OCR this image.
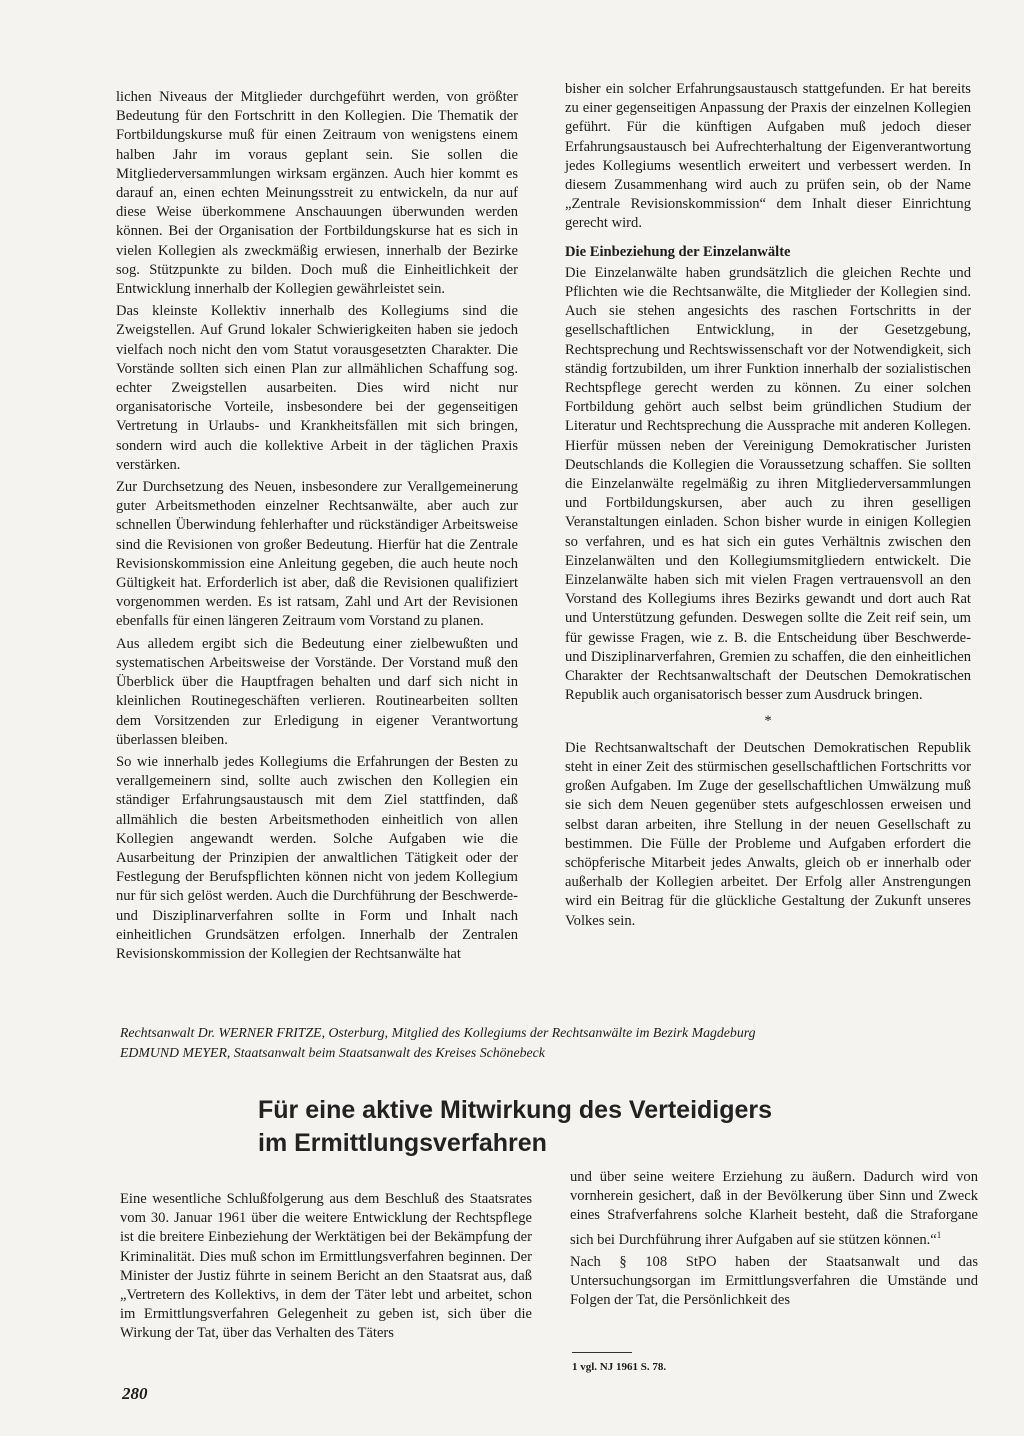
lichen Niveaus der Mitglieder durchgeführt werden, von größter Bedeutung für den Fortschritt in den Kollegien. Die Thematik der Fortbildungskurse muß für einen Zeitraum von wenigstens einem halben Jahr im voraus geplant sein. Sie sollen die Mitgliederversammlungen wirksam ergänzen. Auch hier kommt es darauf an, einen echten Meinungsstreit zu entwickeln, da nur auf diese Weise überkommene Anschauungen überwunden werden können. Bei der Organisation der Fortbildungskurse hat es sich in vielen Kollegien als zweckmäßig erwiesen, innerhalb der Bezirke sog. Stützpunkte zu bilden. Doch muß die Einheitlichkeit der Entwicklung innerhalb der Kollegien gewährleistet sein.

Das kleinste Kollektiv innerhalb des Kollegiums sind die Zweigstellen. Auf Grund lokaler Schwierigkeiten haben sie jedoch vielfach noch nicht den vom Statut vorausgesetzten Charakter. Die Vorstände sollten sich einen Plan zur allmählichen Schaffung sog. echter Zweigstellen ausarbeiten. Dies wird nicht nur organisatorische Vorteile, insbesondere bei der gegenseitigen Vertretung in Urlaubs- und Krankheitsfällen mit sich bringen, sondern wird auch die kollektive Arbeit in der täglichen Praxis verstärken.

Zur Durchsetzung des Neuen, insbesondere zur Verallgemeinerung guter Arbeitsmethoden einzelner Rechtsanwälte, aber auch zur schnellen Überwindung fehlerhafter und rückständiger Arbeitsweise sind die Revisionen von großer Bedeutung. Hierfür hat die Zentrale Revisionskommission eine Anleitung gegeben, die auch heute noch Gültigkeit hat. Erforderlich ist aber, daß die Revisionen qualifiziert vorgenommen werden. Es ist ratsam, Zahl und Art der Revisionen ebenfalls für einen längeren Zeitraum vom Vorstand zu planen.

Aus alledem ergibt sich die Bedeutung einer zielbewußten und systematischen Arbeitsweise der Vorstände. Der Vorstand muß den Überblick über die Hauptfragen behalten und darf sich nicht in kleinlichen Routinegeschäften verlieren. Routinearbeiten sollten dem Vorsitzenden zur Erledigung in eigener Verantwortung überlassen bleiben.

So wie innerhalb jedes Kollegiums die Erfahrungen der Besten zu verallgemeinern sind, sollte auch zwischen den Kollegien ein ständiger Erfahrungsaustausch mit dem Ziel stattfinden, daß allmählich die besten Arbeitsmethoden einheitlich von allen Kollegien angewandt werden. Solche Aufgaben wie die Ausarbeitung der Prinzipien der anwaltlichen Tätigkeit oder der Festlegung der Berufspflichten können nicht von jedem Kollegium nur für sich gelöst werden. Auch die Durchführung der Beschwerde- und Disziplinarverfahren sollte in Form und Inhalt nach einheitlichen Grundsätzen erfolgen. Innerhalb der Zentralen Revisionskommission der Kollegien der Rechtsanwälte hat

bisher ein solcher Erfahrungsaustausch stattgefunden. Er hat bereits zu einer gegenseitigen Anpassung der Praxis der einzelnen Kollegien geführt. Für die künftigen Aufgaben muß jedoch dieser Erfahrungsaustausch bei Aufrechterhaltung der Eigenverantwortung jedes Kollegiums wesentlich erweitert und verbessert werden. In diesem Zusammenhang wird auch zu prüfen sein, ob der Name „Zentrale Revisionskommission“ dem Inhalt dieser Einrichtung gerecht wird.

Die Einbeziehung der Einzelanwälte

Die Einzelanwälte haben grundsätzlich die gleichen Rechte und Pflichten wie die Rechtsanwälte, die Mitglieder der Kollegien sind. Auch sie stehen angesichts des raschen Fortschritts in der gesellschaftlichen Entwicklung, in der Gesetzgebung, Rechtsprechung und Rechtswissenschaft vor der Notwendigkeit, sich ständig fortzubilden, um ihrer Funktion innerhalb der sozialistischen Rechtspflege gerecht werden zu können. Zu einer solchen Fortbildung gehört auch selbst beim gründlichen Studium der Literatur und Rechtsprechung die Aussprache mit anderen Kollegen. Hierfür müssen neben der Vereinigung Demokratischer Juristen Deutschlands die Kollegien die Voraussetzung schaffen. Sie sollten die Einzelanwälte regelmäßig zu ihren Mitgliederversammlungen und Fortbildungskursen, aber auch zu ihren geselligen Veranstaltungen einladen. Schon bisher wurde in einigen Kollegien so verfahren, und es hat sich ein gutes Verhältnis zwischen den Einzelanwälten und den Kollegiumsmitgliedern entwickelt. Die Einzelanwälte haben sich mit vielen Fragen vertrauensvoll an den Vorstand des Kollegiums ihres Bezirks gewandt und dort auch Rat und Unterstützung gefunden. Deswegen sollte die Zeit reif sein, um für gewisse Fragen, wie z. B. die Entscheidung über Beschwerde- und Disziplinarverfahren, Gremien zu schaffen, die den einheitlichen Charakter der Rechtsanwaltschaft der Deutschen Demokratischen Republik auch organisatorisch besser zum Ausdruck bringen.

*

Die Rechtsanwaltschaft der Deutschen Demokratischen Republik steht in einer Zeit des stürmischen gesellschaftlichen Fortschritts vor großen Aufgaben. Im Zuge der gesellschaftlichen Umwälzung muß sie sich dem Neuen gegenüber stets aufgeschlossen erweisen und selbst daran arbeiten, ihre Stellung in der neuen Gesellschaft zu bestimmen. Die Fülle der Probleme und Aufgaben erfordert die schöpferische Mitarbeit jedes Anwalts, gleich ob er innerhalb oder außerhalb der Kollegien arbeitet. Der Erfolg aller Anstrengungen wird ein Beitrag für die glückliche Gestaltung der Zukunft unseres Volkes sein.

Rechtsanwalt Dr. WERNER FRITZE, Osterburg, Mitglied des Kollegiums der Rechtsanwälte im Bezirk Magdeburg
EDMUND MEYER, Staatsanwalt beim Staatsanwalt des Kreises Schönebeck
Für eine aktive Mitwirkung des Verteidigers
im Ermittlungsverfahren

Eine wesentliche Schlußfolgerung aus dem Beschluß des Staatsrates vom 30. Januar 1961 über die weitere Entwicklung der Rechtspflege ist die breitere Einbeziehung der Werktätigen bei der Bekämpfung der Kriminalität. Dies muß schon im Ermittlungsverfahren beginnen. Der Minister der Justiz führte in seinem Bericht an den Staatsrat aus, daß „Vertretern des Kollektivs, in dem der Täter lebt und arbeitet, schon im Ermittlungsverfahren Gelegenheit zu geben ist, sich über die Wirkung der Tat, über das Verhalten des Täters

und über seine weitere Erziehung zu äußern. Dadurch wird von vornherein gesichert, daß in der Bevölkerung über Sinn und Zweck eines Strafverfahrens solche Klarheit besteht, daß die Straforgane sich bei Durchführung ihrer Aufgaben auf sie stützen können.“$^1$

Nach § 108 StPO haben der Staatsanwalt und das Untersuchungsorgan im Ermittlungsverfahren die Umstände und Folgen der Tat, die Persönlichkeit des

1 vgl. NJ 1961 S. 78.
280
